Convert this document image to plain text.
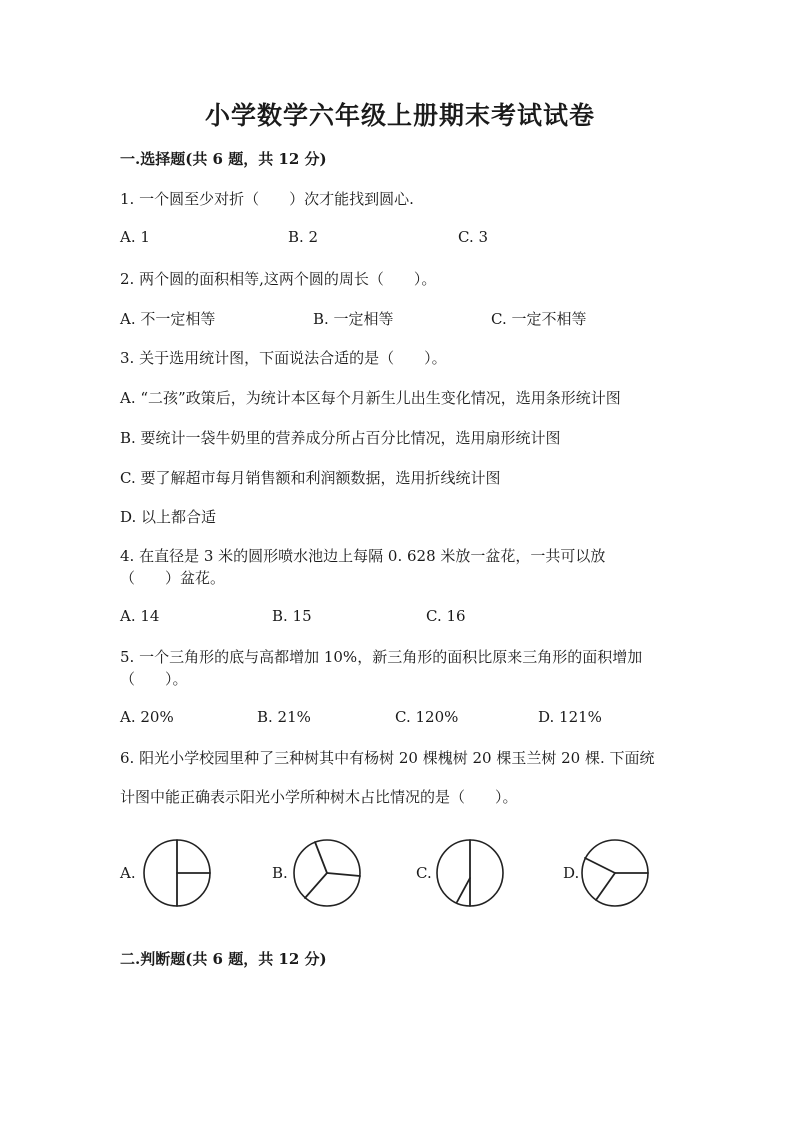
小学数学六年级上册期末考试试卷
一.选择题(共 6 题，共 12 分)
1. 一个圆至少对折（　　）次才能找到圆心.
A. 1	B. 2	C. 3
2. 两个圆的面积相等,这两个圆的周长（　　）。
A. 不一定相等	B. 一定相等	C. 一定不相等
3. 关于选用统计图，下面说法合适的是（　　）。
A. “二孩”政策后，为统计本区每个月新生儿出生变化情况，选用条形统计图
B. 要统计一袋牛奶里的营养成分所占百分比情况，选用扇形统计图
C. 要了解超市每月销售额和利润额数据，选用折线统计图
D. 以上都合适
4. 在直径是 3 米的圆形喷水池边上每隔 0. 628 米放一盆花，一共可以放
（　　）盆花。
A. 14	B. 15	C. 16
5. 一个三角形的底与高都增加 10%，新三角形的面积比原来三角形的面积增加
（　　）。
A. 20%	B. 21%	C. 120%	D. 121%
6. 阳光小学校园里种了三种树其中有杨树 20 棵槐树 20 棵玉兰树 20 棵. 下面统
计图中能正确表示阳光小学所种树木占比情况的是（　　）。
A.	B.	C.	D.
二.判断题(共 6 题，共 12 分)
